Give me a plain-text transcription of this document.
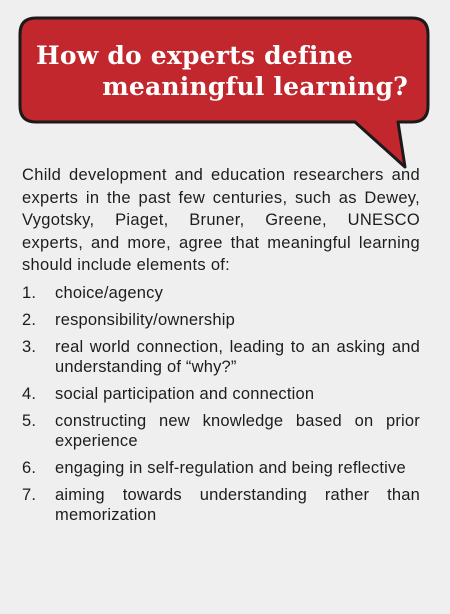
How do experts define
meaningful learning?

Child development and education researchers and experts in the past few centuries, such as Dewey, Vygotsky, Piaget, Bruner, Greene, UNESCO experts, and more, agree that meaningful learning should include elements of:

1.	choice/agency
2.	responsibility/ownership
3.	real world connection, leading to an asking and understanding of “why?”
4.	social participation and connection
5.	constructing new knowledge based on prior experience
6.	engaging in self-regulation and being reflective
7.	aiming towards understanding rather than memorization
